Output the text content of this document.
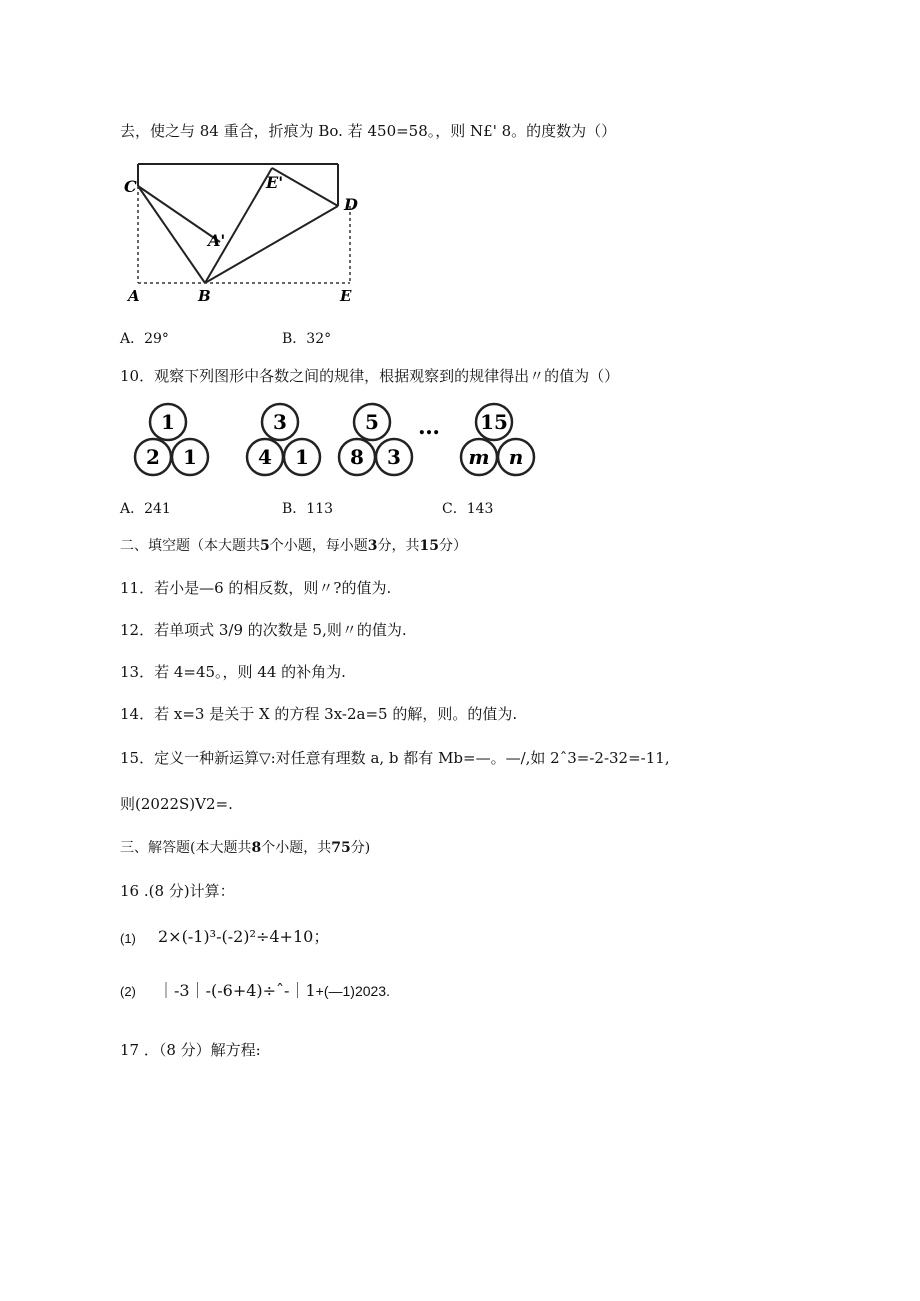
去，使之与 84 重合，折痕为 Bo. 若 450=58。，则 N£' 8。的度数为（）
C	E'
D
A'
A	B	E
A．29°	B．32°
10．观察下列图形中各数之间的规律，根据观察到的规律得出〃的值为（）
1
2 1
3
4 1
5
8 3
15
m n
…
A．241	B．113	C．143
二、填空题（本大题共5个小题，每小题3分，共15分）
11．若小是—6 的相反数，则〃?的值为.
12．若单项式 3/9 的次数是 5,则〃的值为.
13．若 4=45。，则 44 的补角为.
14．若 x=3 是关于 X 的方程 3x-2a=5 的解，则。的值为.
15．定义一种新运算▽:对任意有理数 a, b 都有 Mb=—。—/,如 2ˆ3=-2-32=-11,
则(2022S)V2=.
三、解答题(本大题共8个小题，共75分)
16 .(8 分)计算：
(1) 2×(-1)³-(-2)²÷4+10；
(2) ｜-3｜-(-6+4)÷ˆ-｜1+(—1)2023.
17 ．（8 分）解方程:
